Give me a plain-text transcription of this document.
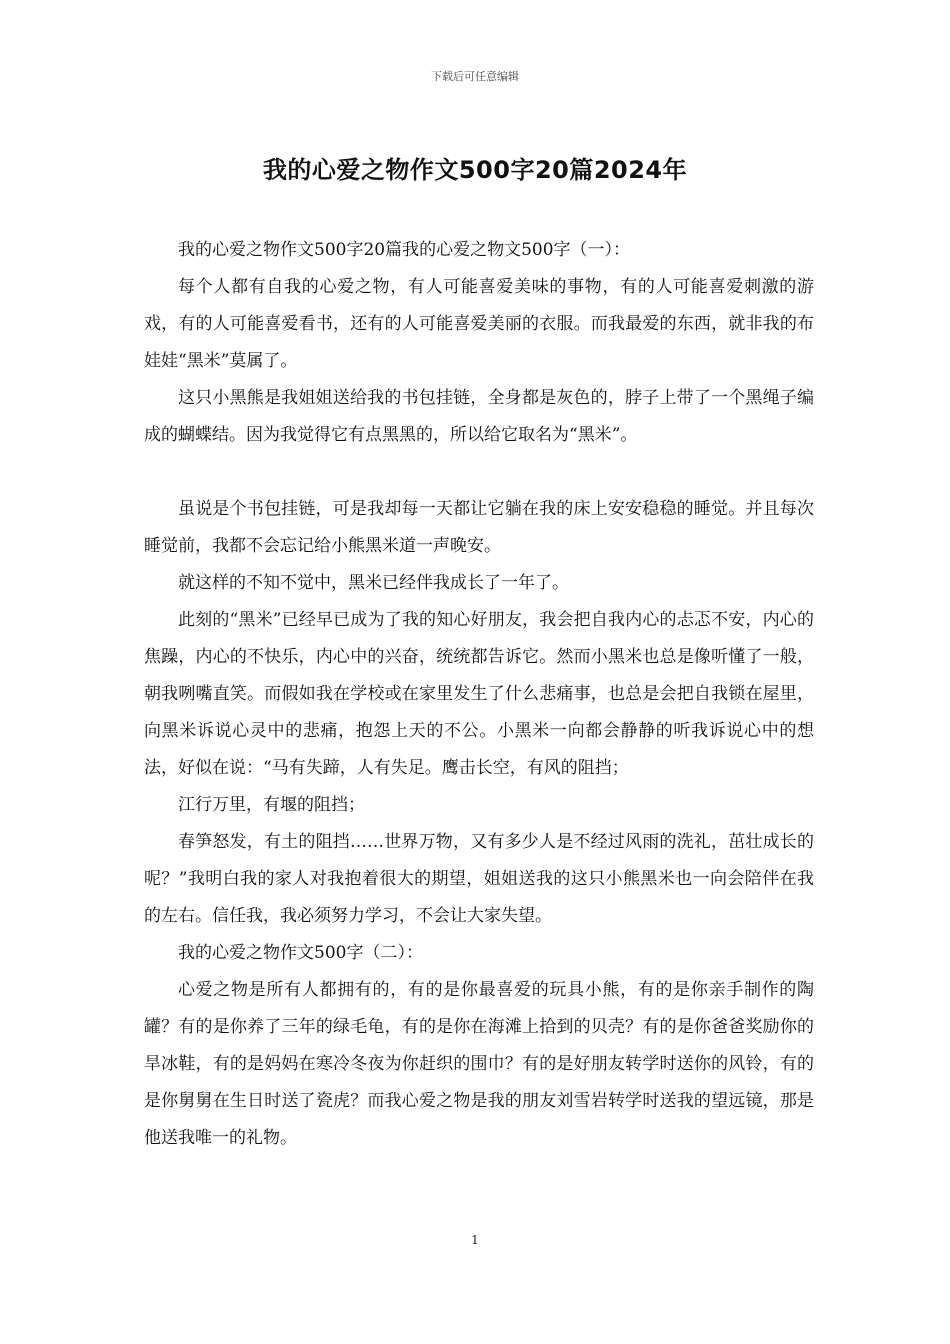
下载后可任意编辑
我的心爱之物作文500字20篇2024年

我的心爱之物作文500字20篇我的心爱之物文500字（一）：

每个人都有自我的心爱之物，有人可能喜爱美味的事物，有的人可能喜爱刺激的游戏，有的人可能喜爱看书，还有的人可能喜爱美丽的衣服。而我最爱的东西，就非我的布娃娃“黑米”莫属了。

这只小黑熊是我姐姐送给我的书包挂链，全身都是灰色的，脖子上带了一个黑绳子编成的蝴蝶结。因为我觉得它有点黑黑的，所以给它取名为“黑米”。

虽说是个书包挂链，可是我却每一天都让它躺在我的床上安安稳稳的睡觉。并且每次睡觉前，我都不会忘记给小熊黑米道一声晚安。

就这样的不知不觉中，黑米已经伴我成长了一年了。

此刻的“黑米”已经早已成为了我的知心好朋友，我会把自我内心的忐忑不安，内心的焦躁，内心的不快乐，内心中的兴奋，统统都告诉它。然而小黑米也总是像听懂了一般，朝我咧嘴直笑。而假如我在学校或在家里发生了什么悲痛事，也总是会把自我锁在屋里，向黑米诉说心灵中的悲痛，抱怨上天的不公。小黑米一向都会静静的听我诉说心中的想法，好似在说：“马有失蹄，人有失足。鹰击长空，有风的阻挡；

江行万里，有堰的阻挡；

春笋怒发，有土的阻挡……世界万物，又有多少人是不经过风雨的洗礼，茁壮成长的呢？”我明白我的家人对我抱着很大的期望，姐姐送我的这只小熊黑米也一向会陪伴在我的左右。信任我，我必须努力学习，不会让大家失望。

我的心爱之物作文500字（二）：

心爱之物是所有人都拥有的，有的是你最喜爱的玩具小熊，有的是你亲手制作的陶罐？有的是你养了三年的绿毛龟，有的是你在海滩上拾到的贝壳？有的是你爸爸奖励你的旱冰鞋，有的是妈妈在寒冷冬夜为你赶织的围巾？有的是好朋友转学时送你的风铃，有的是你舅舅在生日时送了瓷虎？而我心爱之物是我的朋友刘雪岩转学时送我的望远镜，那是他送我唯一的礼物。

1
